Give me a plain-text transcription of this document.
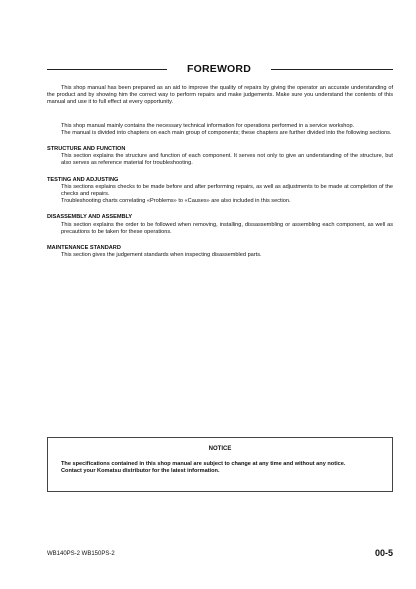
FOREWORD

This shop manual has been prepared as an aid to improve the quality of repairs by giving the operator an accurate understanding of the product and by showing him the correct way to perform repairs and make judgements. Make sure you understand the contents of this manual and use it to full effect at every opportunity.

This shop manual mainly contains the necessary technical information for operations performed in a service workshop.

The manual is divided into chapters on each main group of components; these chapters are further divided into the following sections.

STRUCTURE AND FUNCTION

This section explains the structure and function of each component. It serves not only to give an understanding of the structure, but also serves as reference material for troubleshooting.

TESTING AND ADJUSTING

This sections explains checks to be made before and after performing repairs, as well as adjustments to be made at completion of the checks and repairs.

Troubleshooting charts correlating «Problems» to «Causes» are also included in this section.

DISASSEMBLY AND ASSEMBLY

This section explains the order to be followed when removing, installing, dissassembling or assembling each component, as well as precautions to be taken for these operations.

MAINTENANCE STANDARD

This section gives the judgement standards when inspecting disassembled parts.

NOTICE
The specifications contained in this shop manual are subject to change at any time and without any notice.
Contact your Komatsu distributor for the latest information.
WB140PS-2 WB150PS-2	00-5
